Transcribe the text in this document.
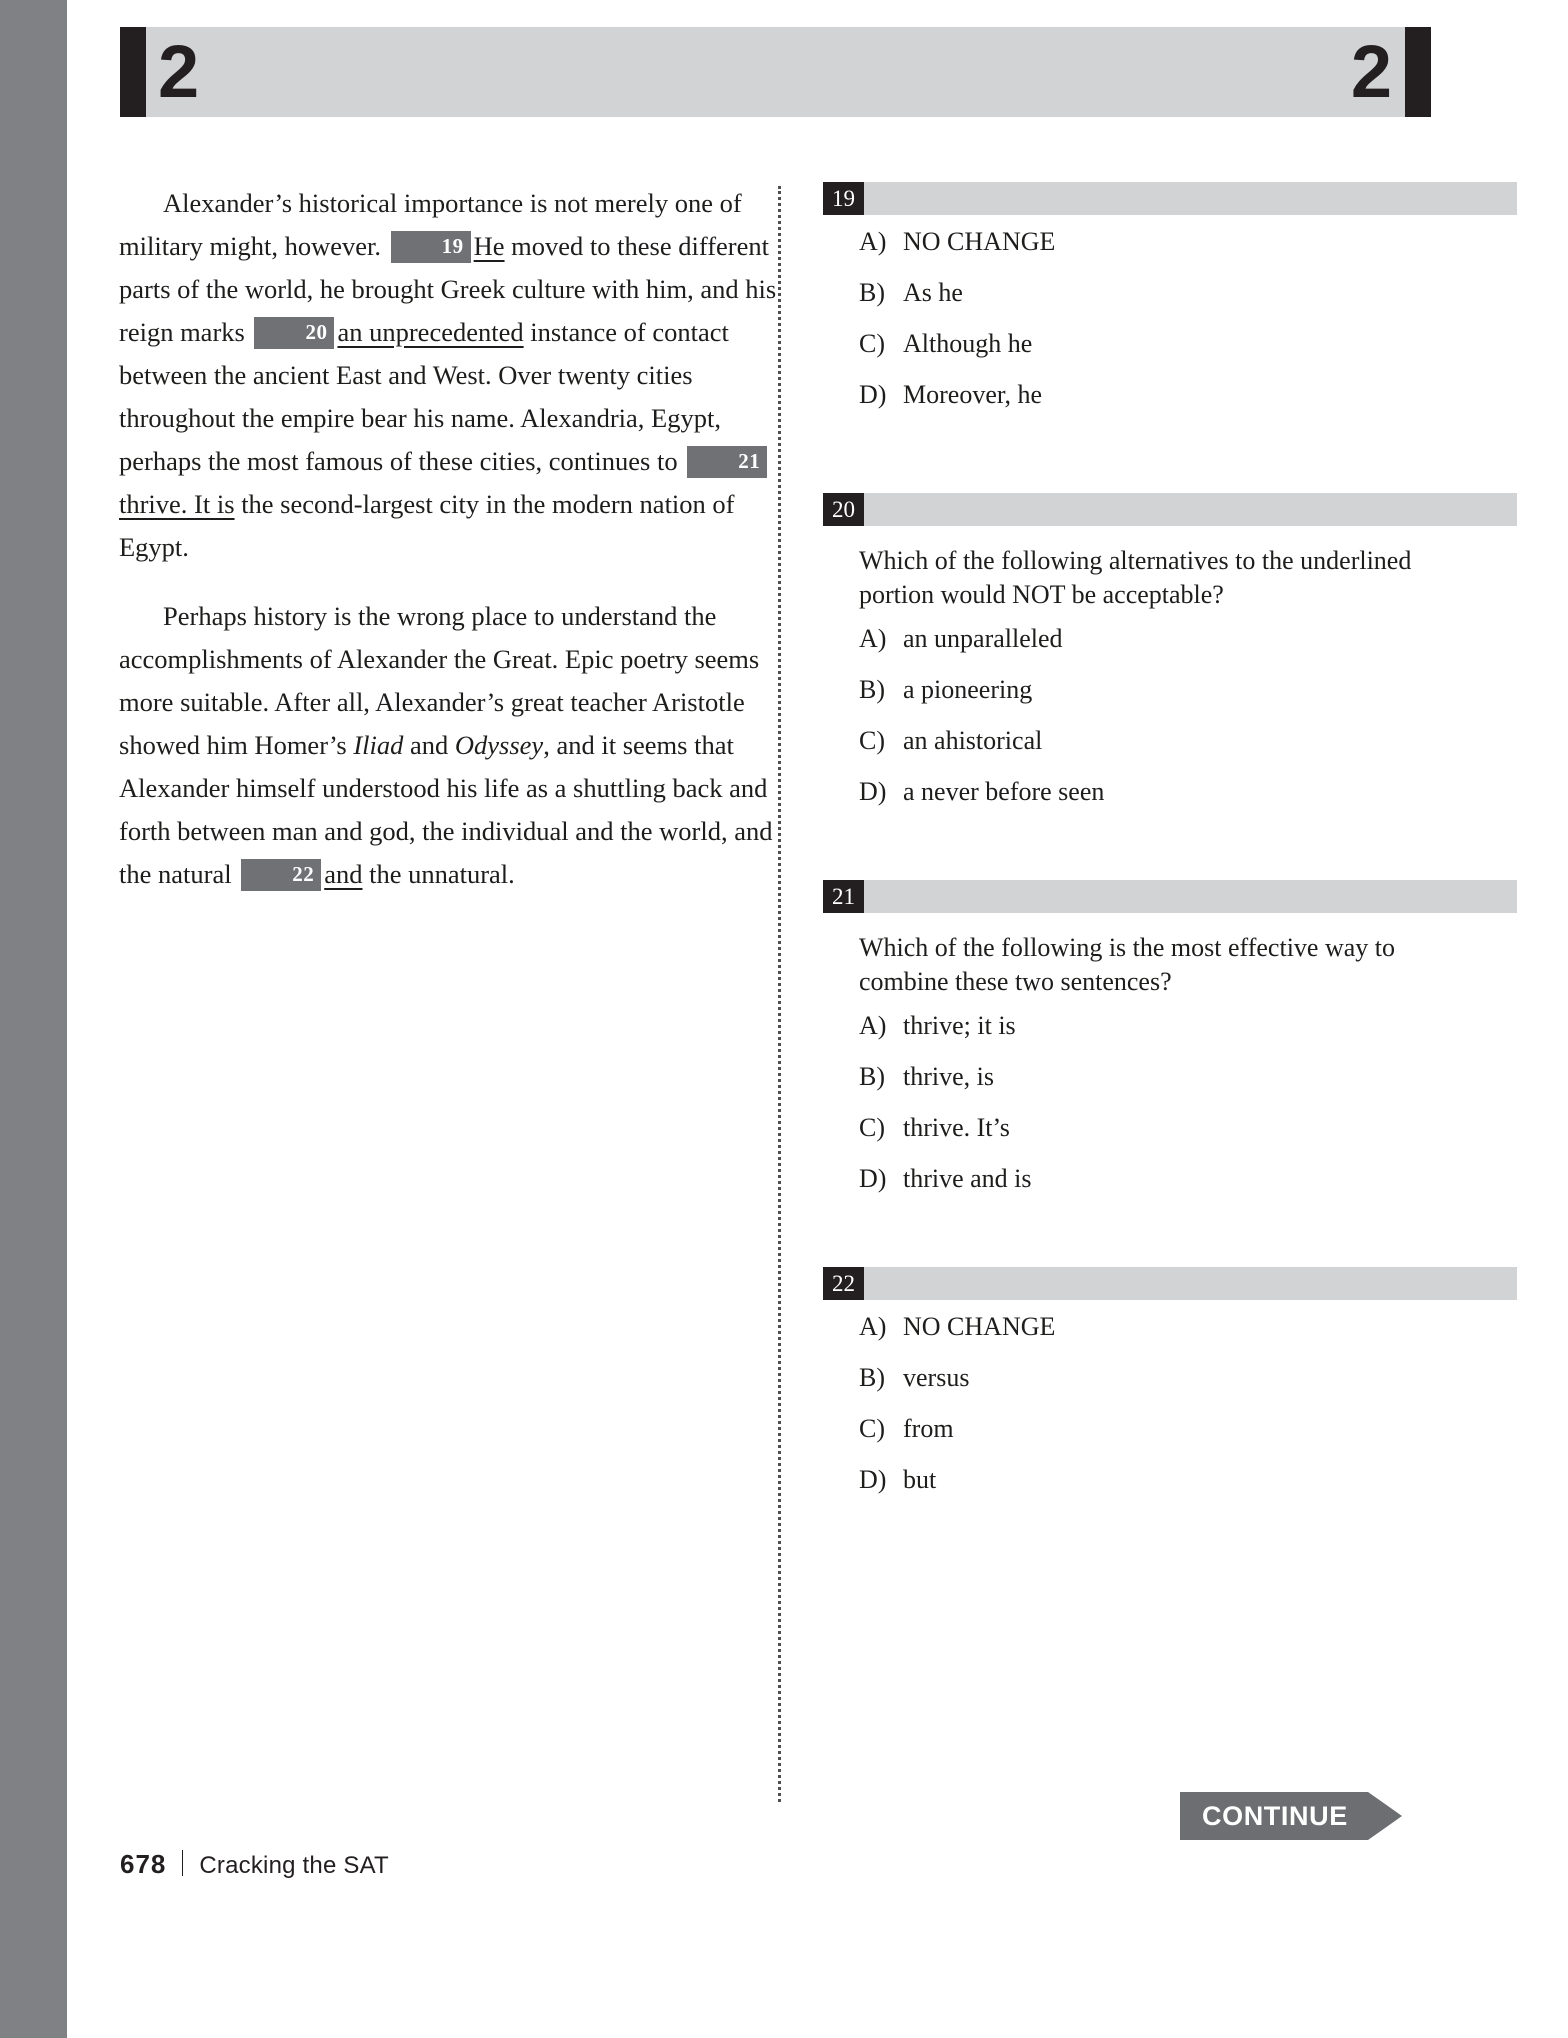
2	2

Alexander’s historical importance is not merely one of military might, however.	19 He moved to these different parts of the world, he brought Greek culture with him, and his reign marks	20 an unprecedented instance of contact between the ancient East and West. Over twenty cities throughout the empire bear his name. Alexandria, Egypt, perhaps the most famous of these cities, continues to	21thrive. It is the second-largest city in the modern nation of Egypt.

Perhaps history is the wrong place to understand the accomplishments of Alexander the Great. Epic poetry seems more suitable. After all, Alexander’s great teacher Aristotle showed him Homer’s Iliad and Odyssey, and it seems that Alexander himself understood his life as a shuttling back and forth between man and god, the individual and the world, and the natural	22 and the unnatural.

19
A) NO CHANGE
B) As he
C) Although he
D) Moreover, he
20
Which of the following alternatives to the underlined portion would NOT be acceptable?
A) an unparalleled
B) a pioneering
C) an ahistorical
D) a never before seen
21
Which of the following is the most effective way to combine these two sentences?
A) thrive; it is
B) thrive, is
C) thrive. It’s
D) thrive and is
22
A) NO CHANGE
B) versus
C) from
D) but
CONTINUE
678 Cracking the SAT
